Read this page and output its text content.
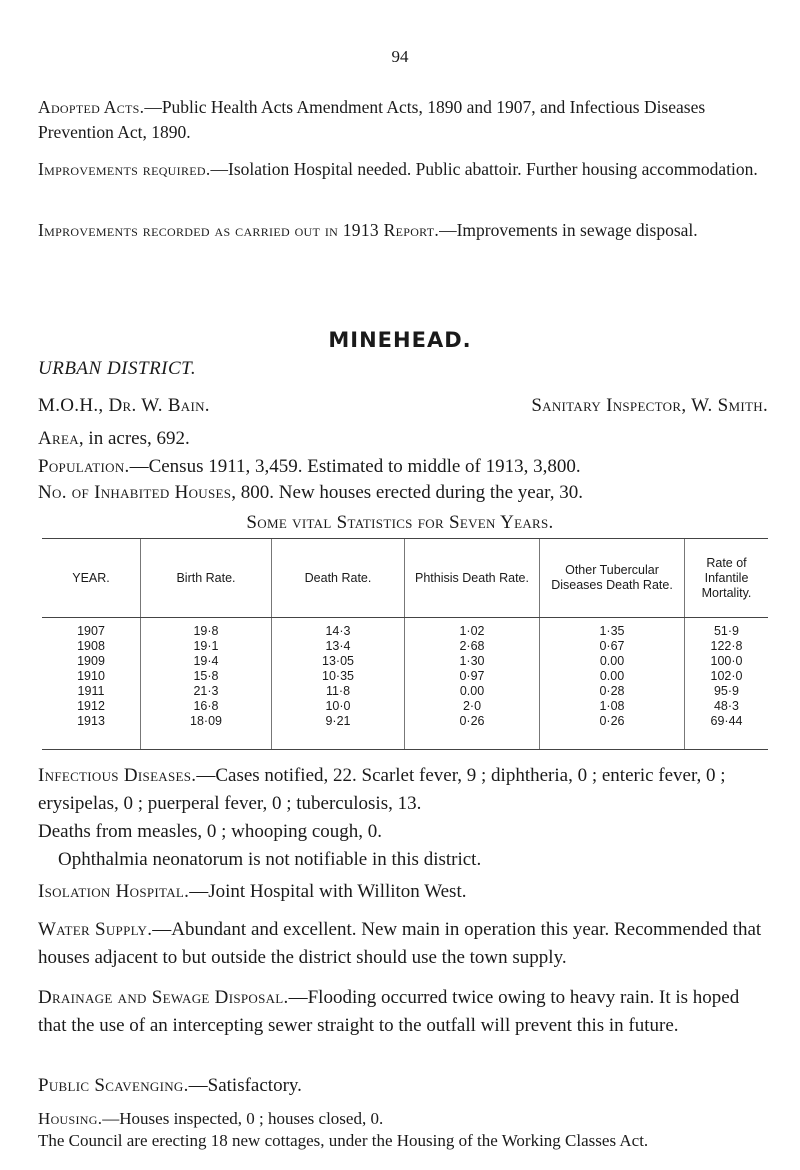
94
Adopted Acts.—Public Health Acts Amendment Acts, 1890 and 1907, and Infectious Diseases Prevention Act, 1890.
Improvements required.—Isolation Hospital needed. Public abattoir. Further housing accommodation.
Improvements recorded as carried out in 1913 Report.—Improvements in sewage disposal.
MINEHEAD.
URBAN DISTRICT.
M.O.H., Dr. W. Bain.	Sanitary Inspector, W. Smith.
Area, in acres, 692.
Population.—Census 1911, 3,459. Estimated to middle of 1913, 3,800.
No. of Inhabited Houses, 800. New houses erected during the year, 30.
Some vital Statistics for Seven Years.
YEAR.	Birth Rate.	Death Rate.	Phthisis Death Rate.	Other Tubercular Diseases Death Rate.	Rate of Infantile Mortality.
1907	19·8	14·3	1·02	1·35	51·9
1908	19·1	13·4	2·68	0·67	122·8
1909	19·4	13·05	1·30	0.00	100·0
1910	15·8	10·35	0·97	0.00	102·0
1911	21·3	11·8	0.00	0·28	95·9
1912	16·8	10·0	2·0	1·08	48·3
1913	18·09	9·21	0·26	0·26	69·44
Infectious Diseases.—Cases notified, 22. Scarlet fever, 9 ; diphtheria, 0 ; enteric fever, 0 ; erysipelas, 0 ; puerperal fever, 0 ; tuberculosis, 13.
Deaths from measles, 0 ; whooping cough, 0.
Ophthalmia neonatorum is not notifiable in this district.
Isolation Hospital.—Joint Hospital with Williton West.
Water Supply.—Abundant and excellent. New main in operation this year. Recommended that houses adjacent to but outside the district should use the town supply.
Drainage and Sewage Disposal.—Flooding occurred twice owing to heavy rain. It is hoped that the use of an intercepting sewer straight to the outfall will prevent this in future.
Public Scavenging.—Satisfactory.
Housing.—Houses inspected, 0 ; houses closed, 0.
The Council are erecting 18 new cottages, under the Housing of the Working Classes Act.
